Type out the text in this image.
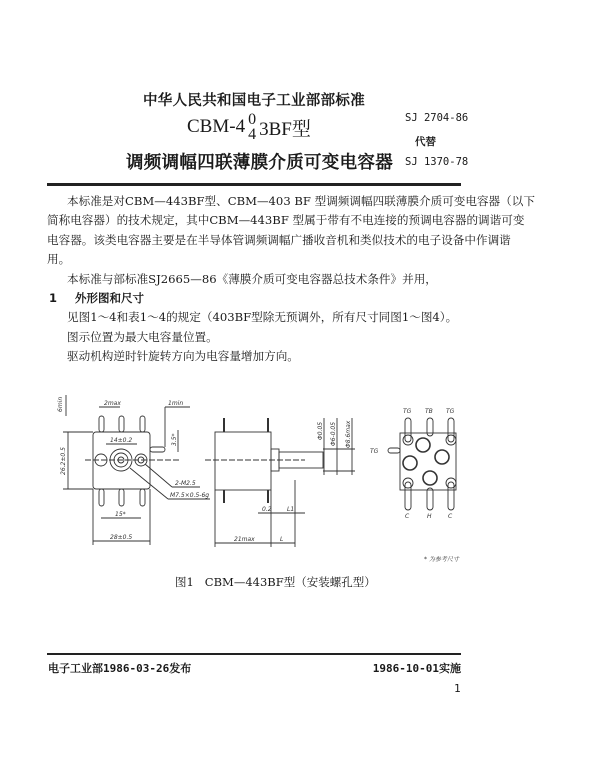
中华人民共和国电子工业部部标准
CBM-4 0
4 3BF型
调频调幅四联薄膜介质可变电容器
SJ 2704-86
代替
SJ 1370-78
本标准是对CBM—443BF型、CBM—403 BF 型调频调幅四联薄膜介质可变电容器（以下
简称电容器）的技术规定，其中CBM—443BF 型属于带有不电连接的预调电容器的调谐可变
电容器。该类电容器主要是在半导体管调频调幅广播收音机和类似技术的电子设备中作调谐
用。
本标准与部标准SJ2665—86《薄膜介质可变电容器总技术条件》并用，
1 外形图和尺寸
见图1～4和表1～4的规定（403BF型除无预调外，所有尺寸同图1～图4）。
图示位置为最大电容量位置。
驱动机构逆时针旋转方向为电容量增加方向。
6min	2max	1min
3.5*
14±0.2
26.2±0.5
2-M2.5
M7.5×0.5-6g
15*
28±0.5	21max
0.2	L1
L
Φ0.05 Φ6-0.05 Φ8.6max
TG TB TG
TG
C	H	C
* 为参考尺寸
图1 CBM—443BF型（安装螺孔型）
电子工业部1986-03-26发布	1986-10-01实施
1
